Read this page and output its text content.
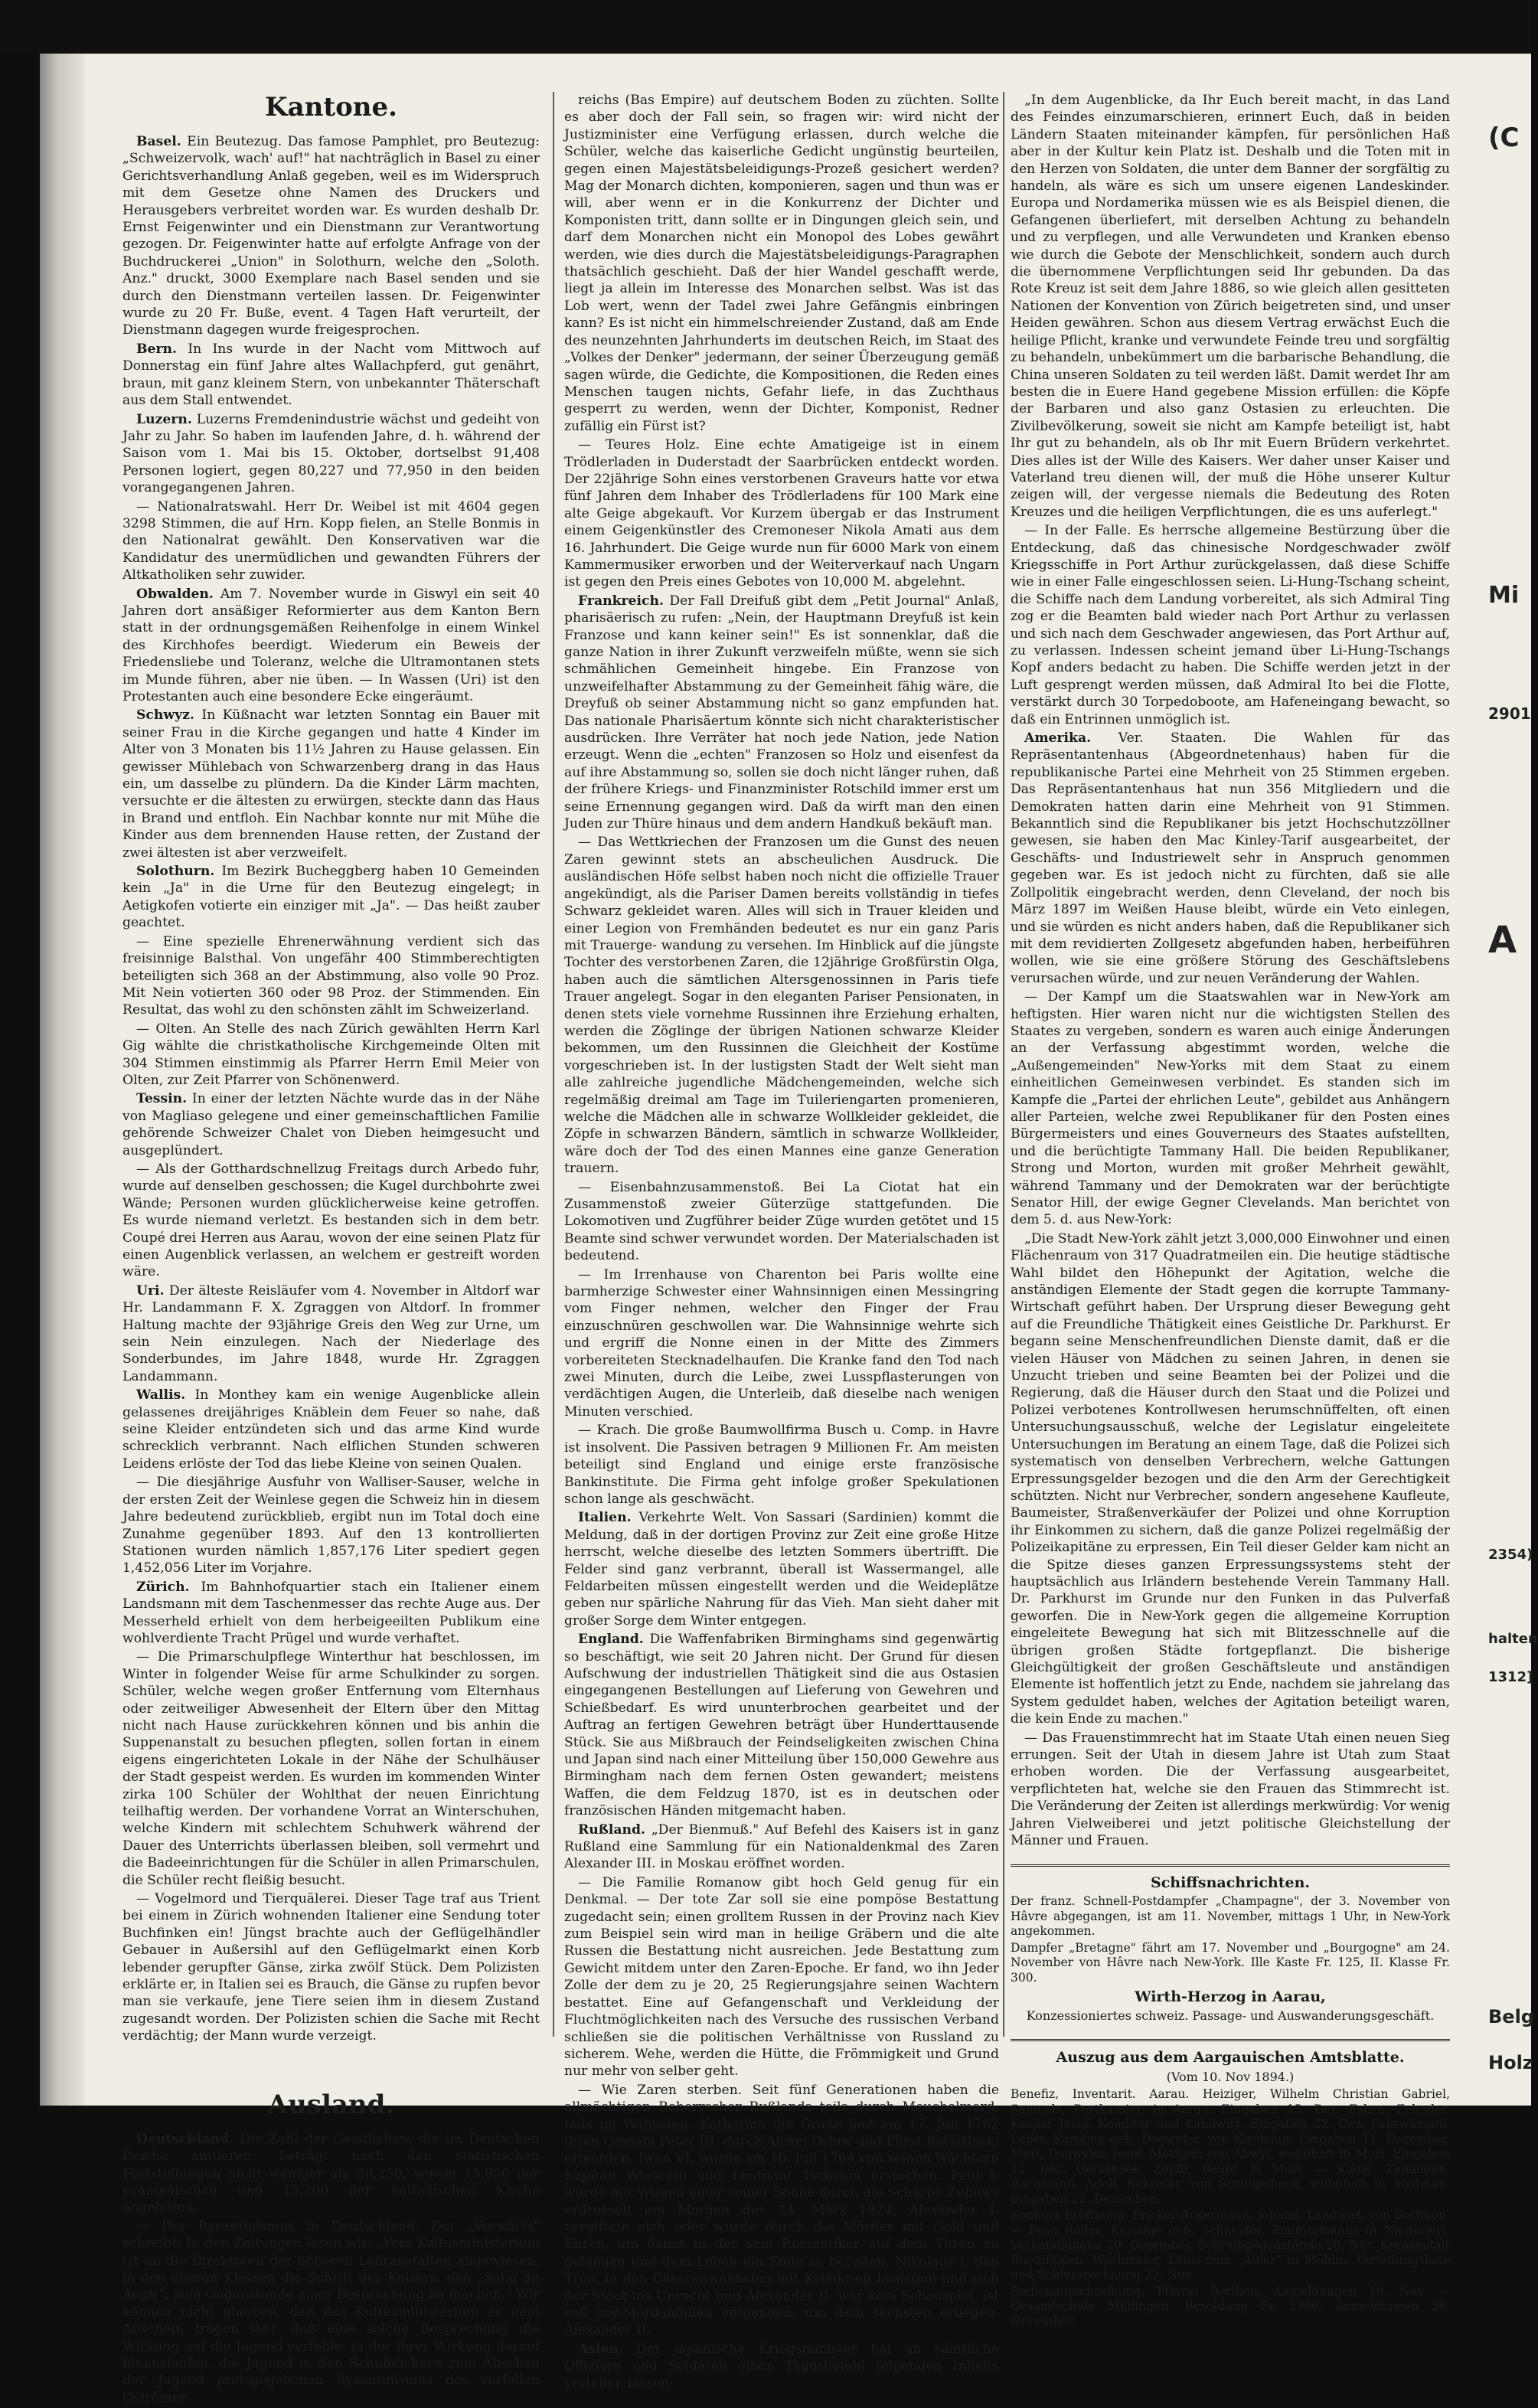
Kantone.

Basel. Ein Beutezug. Das famose Pamphlet, pro Beutezug: „Schweizervolk, wach' auf!" hat nachträglich in Basel zu einer Gerichtsverhandlung Anlaß gegeben, weil es im Widerspruch mit dem Gesetze ohne Namen des Druckers und Herausgebers verbreitet worden war. Es wurden deshalb Dr. Ernst Feigenwinter und ein Dienstmann zur Verantwortung gezogen. Dr. Feigenwinter hatte auf erfolgte Anfrage von der Buchdruckerei „Union" in Solothurn, welche den „Soloth. Anz." druckt, 3000 Exemplare nach Basel senden und sie durch den Dienstmann verteilen lassen. Dr. Feigenwinter wurde zu 20 Fr. Buße, event. 4 Tagen Haft verurteilt, der Dienstmann dagegen wurde freigesprochen.

Bern. In Ins wurde in der Nacht vom Mittwoch auf Donnerstag ein fünf Jahre altes Wallachpferd, gut genährt, braun, mit ganz kleinem Stern, von unbekannter Thäterschaft aus dem Stall entwendet.

Luzern. Luzerns Fremdenindustrie wächst und gedeiht von Jahr zu Jahr. So haben im laufenden Jahre, d. h. während der Saison vom 1. Mai bis 15. Oktober, dortselbst 91,408 Personen logiert, gegen 80,227 und 77,950 in den beiden vorangegangenen Jahren.

— Nationalratswahl. Herr Dr. Weibel ist mit 4604 gegen 3298 Stimmen, die auf Hrn. Kopp fielen, an Stelle Bonmis in den Nationalrat gewählt. Den Konservativen war die Kandidatur des unermüdlichen und gewandten Führers der Altkatholiken sehr zuwider.

Obwalden. Am 7. November wurde in Giswyl ein seit 40 Jahren dort ansäßiger Reformierter aus dem Kanton Bern statt in der ordnungsgemäßen Reihenfolge in einem Winkel des Kirchhofes beerdigt. Wiederum ein Beweis der Friedensliebe und Toleranz, welche die Ultramontanen stets im Munde führen, aber nie üben. — In Wassen (Uri) ist den Protestanten auch eine besondere Ecke eingeräumt.

Schwyz. In Küßnacht war letzten Sonntag ein Bauer mit seiner Frau in die Kirche gegangen und hatte 4 Kinder im Alter von 3 Monaten bis 11½ Jahren zu Hause gelassen. Ein gewisser Mühlebach von Schwarzenberg drang in das Haus ein, um dasselbe zu plündern. Da die Kinder Lärm machten, versuchte er die ältesten zu erwürgen, steckte dann das Haus in Brand und entfloh. Ein Nachbar konnte nur mit Mühe die Kinder aus dem brennenden Hause retten, der Zustand der zwei ältesten ist aber verzweifelt.

Solothurn. Im Bezirk Bucheggberg haben 10 Gemeinden kein „Ja" in die Urne für den Beutezug eingelegt; in Aetigkofen votierte ein einziger mit „Ja". — Das heißt zauber geachtet.

— Eine spezielle Ehrenerwähnung verdient sich das freisinnige Balsthal. Von ungefähr 400 Stimmberechtigten beteiligten sich 368 an der Abstimmung, also volle 90 Proz. Mit Nein votierten 360 oder 98 Proz. der Stimmenden. Ein Resultat, das wohl zu den schönsten zählt im Schweizerland.

— Olten. An Stelle des nach Zürich gewählten Herrn Karl Gig wählte die christkatholische Kirchgemeinde Olten mit 304 Stimmen einstimmig als Pfarrer Herrn Emil Meier von Olten, zur Zeit Pfarrer von Schönenwerd.

Tessin. In einer der letzten Nächte wurde das in der Nähe von Magliaso gelegene und einer gemeinschaftlichen Familie gehörende Schweizer Chalet von Dieben heimgesucht und ausgeplündert.

— Als der Gotthardschnellzug Freitags durch Arbedo fuhr, wurde auf denselben geschossen; die Kugel durchbohrte zwei Wände; Personen wurden glücklicherweise keine getroffen. Es wurde niemand verletzt. Es bestanden sich in dem betr. Coupé drei Herren aus Aarau, wovon der eine seinen Platz für einen Augenblick verlassen, an welchem er gestreift worden wäre.

Uri. Der älteste Reisläufer vom 4. November in Altdorf war Hr. Landammann F. X. Zgraggen von Altdorf. In frommer Haltung machte der 93jährige Greis den Weg zur Urne, um sein Nein einzulegen. Nach der Niederlage des Sonderbundes, im Jahre 1848, wurde Hr. Zgraggen Landammann.

Wallis. In Monthey kam ein wenige Augenblicke allein gelassenes dreijähriges Knäblein dem Feuer so nahe, daß seine Kleider entzündeten sich und das arme Kind wurde schrecklich verbrannt. Nach elflichen Stunden schweren Leidens erlöste der Tod das liebe Kleine von seinen Qualen.

— Die diesjährige Ausfuhr von Walliser-Sauser, welche in der ersten Zeit der Weinlese gegen die Schweiz hin in diesem Jahre bedeutend zurückblieb, ergibt nun im Total doch eine Zunahme gegenüber 1893. Auf den 13 kontrollierten Stationen wurden nämlich 1,857,176 Liter spediert gegen 1,452,056 Liter im Vorjahre.

Zürich. Im Bahnhofquartier stach ein Italiener einem Landsmann mit dem Taschenmesser das rechte Auge aus. Der Messerheld erhielt von dem herbeigeeilten Publikum eine wohlverdiente Tracht Prügel und wurde verhaftet.

— Die Primarschulpflege Winterthur hat beschlossen, im Winter in folgender Weise für arme Schulkinder zu sorgen. Schüler, welche wegen großer Entfernung vom Elternhaus oder zeitweiliger Abwesenheit der Eltern über den Mittag nicht nach Hause zurückkehren können und bis anhin die Suppenanstalt zu besuchen pflegten, sollen fortan in einem eigens eingerichteten Lokale in der Nähe der Schulhäuser der Stadt gespeist werden. Es wurden im kommenden Winter zirka 100 Schüler der Wohlthat der neuen Einrichtung teilhaftig werden. Der vorhandene Vorrat an Winterschuhen, welche Kindern mit schlechtem Schuhwerk während der Dauer des Unterrichts überlassen bleiben, soll vermehrt und die Badeeinrichtungen für die Schüler in allen Primarschulen, die Schüler recht fleißig besucht.

— Vogelmord und Tierquälerei. Dieser Tage traf aus Trient bei einem in Zürich wohnenden Italiener eine Sendung toter Buchfinken ein! Jüngst brachte auch der Geflügelhändler Gebauer in Außersihl auf den Geflügelmarkt einen Korb lebender gerupfter Gänse, zirka zwölf Stück. Dem Polizisten erklärte er, in Italien sei es Brauch, die Gänse zu rupfen bevor man sie verkaufe, jene Tiere seien ihm in diesem Zustand zugesandt worden. Der Polizisten schien die Sache mit Recht verdächtig; der Mann wurde verzeigt.

Ausland.

Deutschland. Die Zahl der Geistlichen, die im Deutschen Reiche amtieren, beträgt nach den statistischen Feststellungen nicht weniger als 30,250, wovon 15,050 der evangelischen und 15,200 der katholischen Kirche angehören.

— Der Byzantinismus in Deutschland. Der „Vorwärts" schreibt: In den Zeitungen lesen wir: „Vom Kultusministerium ist an die Direktoren der höheren Lehranstalten angewiesen, in den oberen Klassen die Schrift des Kaisers, den „Sang an Aegir", zum Gegenstande einer Besprechung zu machen." Wir können nicht glauben, daß das Kultusministerium es dem Anschein tragen läßt, daß eine solche Besprechung die Wirkung auf die Jugend verfehle, in der ihrer Wirkung darauf hinauslaufen, die Jugend in den Schulbüchern zum Abscheu der Jugend preisgegebenen Byzantinismus des verfallen Oströmer

reichs (Bas Empire) auf deutschem Boden zu züchten. Sollte es aber doch der Fall sein, so fragen wir: wird nicht der Justizminister eine Verfügung erlassen, durch welche die Schüler, welche das kaiserliche Gedicht ungünstig beurteilen, gegen einen Majestätsbeleidigungs-Prozeß gesichert werden? Mag der Monarch dichten, komponieren, sagen und thun was er will, aber wenn er in die Konkurrenz der Dichter und Komponisten tritt, dann sollte er in Dingungen gleich sein, und darf dem Monarchen nicht ein Monopol des Lobes gewährt werden, wie dies durch die Majestätsbeleidigungs-Paragraphen thatsächlich geschieht. Daß der hier Wandel geschafft werde, liegt ja allein im Interesse des Monarchen selbst. Was ist das Lob wert, wenn der Tadel zwei Jahre Gefängnis einbringen kann? Es ist nicht ein himmelschreiender Zustand, daß am Ende des neunzehnten Jahrhunderts im deutschen Reich, im Staat des „Volkes der Denker" jedermann, der seiner Überzeugung gemäß sagen würde, die Gedichte, die Kompositionen, die Reden eines Menschen taugen nichts, Gefahr liefe, in das Zuchthaus gesperrt zu werden, wenn der Dichter, Komponist, Redner zufällig ein Fürst ist?

— Teures Holz. Eine echte Amatigeige ist in einem Trödlerladen in Duderstadt der Saarbrücken entdeckt worden. Der 22jährige Sohn eines verstorbenen Graveurs hatte vor etwa fünf Jahren dem Inhaber des Trödlerladens für 100 Mark eine alte Geige abgekauft. Vor Kurzem übergab er das Instrument einem Geigenkünstler des Cremoneser Nikola Amati aus dem 16. Jahrhundert. Die Geige wurde nun für 6000 Mark von einem Kammermusiker erworben und der Weiterverkauf nach Ungarn ist gegen den Preis eines Gebotes von 10,000 M. abgelehnt.

Frankreich. Der Fall Dreifuß gibt dem „Petit Journal" Anlaß, pharisäerisch zu rufen: „Nein, der Hauptmann Dreyfuß ist kein Franzose und kann keiner sein!" Es ist sonnenklar, daß die ganze Nation in ihrer Zukunft verzweifeln müßte, wenn sie sich schmählichen Gemeinheit hingebe. Ein Franzose von unzweifelhafter Abstammung zu der Gemeinheit fähig wäre, die Dreyfuß ob seiner Abstammung nicht so ganz empfunden hat. Das nationale Pharisäertum könnte sich nicht charakteristischer ausdrücken. Ihre Verräter hat noch jede Nation, jede Nation erzeugt. Wenn die „echten" Franzosen so Holz und eisenfest da auf ihre Abstammung so, sollen sie doch nicht länger ruhen, daß der frühere Kriegs- und Finanzminister Rotschild immer erst um seine Ernennung gegangen wird. Daß da wirft man den einen Juden zur Thüre hinaus und dem andern Handkuß bekäuft man.

— Das Wettkriechen der Franzosen um die Gunst des neuen Zaren gewinnt stets an abscheulichen Ausdruck. Die ausländischen Höfe selbst haben noch nicht die offizielle Trauer angekündigt, als die Pariser Damen bereits vollständig in tiefes Schwarz gekleidet waren. Alles will sich in Trauer kleiden und einer Legion von Fremhänden bedeutet es nur ein ganz Paris mit Trauerge- wandung zu versehen. Im Hinblick auf die jüngste Tochter des verstorbenen Zaren, die 12jährige Großfürstin Olga, haben auch die sämtlichen Altersgenossinnen in Paris tiefe Trauer angelegt. Sogar in den eleganten Pariser Pensionaten, in denen stets viele vornehme Russinnen ihre Erziehung erhalten, werden die Zöglinge der übrigen Nationen schwarze Kleider bekommen, um den Russinnen die Gleichheit der Kostüme vorgeschrieben ist. In der lustigsten Stadt der Welt sieht man alle zahlreiche jugendliche Mädchengemeinden, welche sich regelmäßig dreimal am Tage im Tuileriengarten promenieren, welche die Mädchen alle in schwarze Wollkleider gekleidet, die Zöpfe in schwarzen Bändern, sämtlich in schwarze Wollkleider, wäre doch der Tod des einen Mannes eine ganze Generation trauern.

— Eisenbahnzusammenstoß. Bei La Ciotat hat ein Zusammenstoß zweier Güterzüge stattgefunden. Die Lokomotiven und Zugführer beider Züge wurden getötet und 15 Beamte sind schwer verwundet worden. Der Materialschaden ist bedeutend.

— Im Irrenhause von Charenton bei Paris wollte eine barmherzige Schwester einer Wahnsinnigen einen Messingring vom Finger nehmen, welcher den Finger der Frau einzuschnüren geschwollen war. Die Wahnsinnige wehrte sich und ergriff die Nonne einen in der Mitte des Zimmers vorbereiteten Stecknadelhaufen. Die Kranke fand den Tod nach zwei Minuten, durch die Leibe, zwei Lusspflasterungen von verdächtigen Augen, die Unterleib, daß dieselbe nach wenigen Minuten verschied.

— Krach. Die große Baumwollfirma Busch u. Comp. in Havre ist insolvent. Die Passiven betragen 9 Millionen Fr. Am meisten beteiligt sind England und einige erste französische Bankinstitute. Die Firma geht infolge großer Spekulationen schon lange als geschwächt.

Italien. Verkehrte Welt. Von Sassari (Sardinien) kommt die Meldung, daß in der dortigen Provinz zur Zeit eine große Hitze herrscht, welche dieselbe des letzten Sommers übertrifft. Die Felder sind ganz verbrannt, überall ist Wassermangel, alle Feldarbeiten müssen eingestellt werden und die Weideplätze geben nur spärliche Nahrung für das Vieh. Man sieht daher mit großer Sorge dem Winter entgegen.

England. Die Waffenfabriken Birminghams sind gegenwärtig so beschäftigt, wie seit 20 Jahren nicht. Der Grund für diesen Aufschwung der industriellen Thätigkeit sind die aus Ostasien eingegangenen Bestellungen auf Lieferung von Gewehren und Schießbedarf. Es wird ununterbrochen gearbeitet und der Auftrag an fertigen Gewehren beträgt über Hunderttausende Stück. Sie aus Mißbrauch der Feindseligkeiten zwischen China und Japan sind nach einer Mitteilung über 150,000 Gewehre aus Birmingham nach dem fernen Osten gewandert; meistens Waffen, die dem Feldzug 1870, ist es in deutschen oder französischen Händen mitgemacht haben.

Rußland. „Der Bienmuß." Auf Befehl des Kaisers ist in ganz Rußland eine Sammlung für ein Nationaldenkmal des Zaren Alexander III. in Moskau eröffnet worden.

— Die Familie Romanow gibt hoch Geld genug für ein Denkmal. — Der tote Zar soll sie eine pompöse Bestattung zugedacht sein; einen grolltem Russen in der Provinz nach Kiev zum Beispiel sein wird man in heilige Gräbern und die alte Russen die Bestattung nicht ausreichen. Jede Bestattung zum Gewicht mitdem unter den Zaren-Epoche. Er fand, wo ihn Jeder Zolle der dem zu je 20, 25 Regierungsjahre seinen Wachtern bestattet. Eine auf Gefangenschaft und Verkleidung der Fluchtmöglichkeiten nach des Versuche des russischen Verband schließen sie die politischen Verhältnisse von Russland zu sicherem. Wehe, werden die Hütte, die Frömmigkeit und Grund nur mehr von selber geht.

— Wie Zaren sterben. Seit fünf Generationen haben die allmächtigen Beherrscher Rußlands teils durch Meuchelmord, teils im Wahnsinn. Katharina die Große ließ am 17. Juli 1762 ihren Gemahl Peter III. durch Alexei Orlow und Fürst Bariatinski ermorden. Iwan VI. wurde am 16. Juli 1764 von seinen Wächtern Kapitän Wlaschin und Leutnant Tschekin erstochen. Paul I. wurde mit Wissen einer seiner Söhne durch die Schärpe Zubows erdrosselt am Morgen des 24. März 1824. Alexander I. vergiftete sich oder wurde durch die Mörder mit Gold und Ehren, um damit in der sein Romantiker auf dem Thron zu gelangen und dem Leben ein Ende zu bereiten. Nikolaus I. den Tron, in den Cäsarenwahnsinn mit Krimkrieg besiegen und sich der Staat ins Unrecht und Alexander II. war kein Schauspiel, ist voll vor-Mordanfällen entgangen, um dem sechsten erliegen. Alexander II.

Asien. Der japanische Kriegsminister hat an sämtliche Offiziere und Soldaten einen Tagesbefehl folgenden Inhalts verteilen lassen:

„In dem Augenblicke, da Ihr Euch bereit macht, in das Land des Feindes einzumarschieren, erinnert Euch, daß in beiden Ländern Staaten miteinander kämpfen, für persönlichen Haß aber in der Kultur kein Platz ist. Deshalb und die Toten mit in den Herzen von Soldaten, die unter dem Banner der sorgfältig zu handeln, als wäre es sich um unsere eigenen Landeskinder. Europa und Nordamerika müssen wie es als Beispiel dienen, die Gefangenen überliefert, mit derselben Achtung zu behandeln und zu verpflegen, und alle Verwundeten und Kranken ebenso wie durch die Gebote der Menschlichkeit, sondern auch durch die übernommene Verpflichtungen seid Ihr gebunden. Da das Rote Kreuz ist seit dem Jahre 1886, so wie gleich allen gesitteten Nationen der Konvention von Zürich beigetreten sind, und unser Heiden gewähren. Schon aus diesem Vertrag erwächst Euch die heilige Pflicht, kranke und verwundete Feinde treu und sorgfältig zu behandeln, unbekümmert um die barbarische Behandlung, die China unseren Soldaten zu teil werden läßt. Damit werdet Ihr am besten die in Euere Hand gegebene Mission erfüllen: die Köpfe der Barbaren und also ganz Ostasien zu erleuchten. Die Zivilbevölkerung, soweit sie nicht am Kampfe beteiligt ist, habt Ihr gut zu behandeln, als ob Ihr mit Euern Brüdern verkehrtet. Dies alles ist der Wille des Kaisers. Wer daher unser Kaiser und Vaterland treu dienen will, der muß die Höhe unserer Kultur zeigen will, der vergesse niemals die Bedeutung des Roten Kreuzes und die heiligen Verpflichtungen, die es uns auferlegt."

— In der Falle. Es herrsche allgemeine Bestürzung über die Entdeckung, daß das chinesische Nordgeschwader zwölf Kriegsschiffe in Port Arthur zurückgelassen, daß diese Schiffe wie in einer Falle eingeschlossen seien. Li-Hung-Tschang scheint, die Schiffe nach dem Landung vorbereitet, als sich Admiral Ting zog er die Beamten bald wieder nach Port Arthur zu verlassen und sich nach dem Geschwader angewiesen, das Port Arthur auf, zu verlassen. Indessen scheint jemand über Li-Hung-Tschangs Kopf anders bedacht zu haben. Die Schiffe werden jetzt in der Luft gesprengt werden müssen, daß Admiral Ito bei die Flotte, verstärkt durch 30 Torpedoboote, am Hafeneingang bewacht, so daß ein Entrinnen unmöglich ist.

Amerika. Ver. Staaten. Die Wahlen für das Repräsentantenhaus (Abgeordnetenhaus) haben für die republikanische Partei eine Mehrheit von 25 Stimmen ergeben. Das Repräsentantenhaus hat nun 356 Mitgliedern und die Demokraten hatten darin eine Mehrheit von 91 Stimmen. Bekanntlich sind die Republikaner bis jetzt Hochschutzzöllner gewesen, sie haben den Mac Kinley-Tarif ausgearbeitet, der Geschäfts- und Industriewelt sehr in Anspruch genommen gegeben war. Es ist jedoch nicht zu fürchten, daß sie alle Zollpolitik eingebracht werden, denn Cleveland, der noch bis März 1897 im Weißen Hause bleibt, würde ein Veto einlegen, und sie würden es nicht anders haben, daß die Republikaner sich mit dem revidierten Zollgesetz abgefunden haben, herbeiführen wollen, wie sie eine größere Störung des Geschäftslebens verursachen würde, und zur neuen Veränderung der Wahlen.

— Der Kampf um die Staatswahlen war in New-York am heftigsten. Hier waren nicht nur die wichtigsten Stellen des Staates zu vergeben, sondern es waren auch einige Änderungen an der Verfassung abgestimmt worden, welche die „Außengemeinden" New-Yorks mit dem Staat zu einem einheitlichen Gemeinwesen verbindet. Es standen sich im Kampfe die „Partei der ehrlichen Leute", gebildet aus Anhängern aller Parteien, welche zwei Republikaner für den Posten eines Bürgermeisters und eines Gouverneurs des Staates aufstellten, und die berüchtigte Tammany Hall. Die beiden Republikaner, Strong und Morton, wurden mit großer Mehrheit gewählt, während Tammany und der Demokraten war der berüchtigte Senator Hill, der ewige Gegner Clevelands. Man berichtet von dem 5. d. aus New-York:

„Die Stadt New-York zählt jetzt 3,000,000 Einwohner und einen Flächenraum von 317 Quadratmeilen ein. Die heutige städtische Wahl bildet den Höhepunkt der Agitation, welche die anständigen Elemente der Stadt gegen die korrupte Tammany-Wirtschaft geführt haben. Der Ursprung dieser Bewegung geht auf die Freundliche Thätigkeit eines Geistliche Dr. Parkhurst. Er begann seine Menschenfreundlichen Dienste damit, daß er die vielen Häuser von Mädchen zu seinen Jahren, in denen sie Unzucht trieben und seine Beamten bei der Polizei und die Regierung, daß die Häuser durch den Staat und die Polizei und Polizei verbotenes Kontrollwesen herumschnüffelten, oft einen Untersuchungsausschuß, welche der Legislatur eingeleitete Untersuchungen im Beratung an einem Tage, daß die Polizei sich systematisch von denselben Verbrechern, welche Gattungen Erpressungsgelder bezogen und die den Arm der Gerechtigkeit schützten. Nicht nur Verbrecher, sondern angesehene Kaufleute, Baumeister, Straßenverkäufer der Polizei und ohne Korruption ihr Einkommen zu sichern, daß die ganze Polizei regelmäßig der Polizeikapitäne zu erpressen, Ein Teil dieser Gelder kam nicht an die Spitze dieses ganzen Erpressungssystems steht der hauptsächlich aus Irländern bestehende Verein Tammany Hall. Dr. Parkhurst im Grunde nur den Funken in das Pulverfaß geworfen. Die in New-York gegen die allgemeine Korruption eingeleitete Bewegung hat sich mit Blitzesschnelle auf die übrigen großen Städte fortgepflanzt. Die bisherige Gleichgültigkeit der großen Geschäftsleute und anständigen Elemente ist hoffentlich jetzt zu Ende, nachdem sie jahrelang das System geduldet haben, welches der Agitation beteiligt waren, die kein Ende zu machen."

— Das Frauenstimmrecht hat im Staate Utah einen neuen Sieg errungen. Seit der Utah in diesem Jahre ist Utah zum Staat erhoben worden. Die der Verfassung ausgearbeitet, verpflichteten hat, welche sie den Frauen das Stimmrecht ist. Die Veränderung der Zeiten ist allerdings merkwürdig: Vor wenig Jahren Vielweiberei und jetzt politische Gleichstellung der Männer und Frauen.

Schiffsnachrichten.

Der franz. Schnell-Postdampfer „Champagne", der 3. November von Hâvre abgegangen, ist am 11. November, mittags 1 Uhr, in New-York angekommen.

Dampfer „Bretagne" fährt am 17. November und „Bourgogne" am 24. November von Hâvre nach New-York. Ille Kaste Fr. 125, II. Klasse Fr. 300.

Wirth-Herzog in Aarau,

Konzessioniertes schweiz. Passage- und Auswanderungsgeschäft.

Auszug aus dem Aargauischen Amtsblatte.

(Vom 10. Nov 1894.)

Benefiz, Inventarit. Aarau. Heiziger, Wilhelm Christian Gabriel, Samuels, Postkassier, in Aarau. Eingaben 15. Dez. Fahrn. Zehnder, Kaspar Josef, Konditor und Landwirt. Eingaben 22. Dez. Fahrwangen, Leber, Karoline geb. Dogwyler, von Kirchmur. Eingaben 11. Dezember. Muri, Dogwyler, Josef, Metzger, von Abwyl, wohnhaft in Muri. Eingaben 12. Dez. Gerzensee, Zopfli, Bauer, in Muri. — Kläng. Zeiningen, Bachmann, Adolf, Sekretär, von Strengelbach, wohnhaft in Stritmau. Eingaben 22. Dezember.

Konkurs-Eröffnung. Fricker-Ackermann, Johann, Landwirt, von Dottikon. — Frau Roller, Karoline geb. Schneider, Zimmermanns in Niederwyl. Verhandlungen 20. Dezember. Schreibgegenstände 20. Nov. Kernanstalt Rheinfelden. Wachmeier, Louis zum „Adler" in Möhlin. Verteilungsliste und Schlussrechnung 22. Nov.

Stellenausschreibung. Pfarrei Berikon. Anmeldungen 19. Nov. — Gesamtschule Müllingen. Besoldung Fr. 1300. Anmeldungen 26. November.

(C
Mi
2901
A
2354)
halten
1312]
Belg
Holz
